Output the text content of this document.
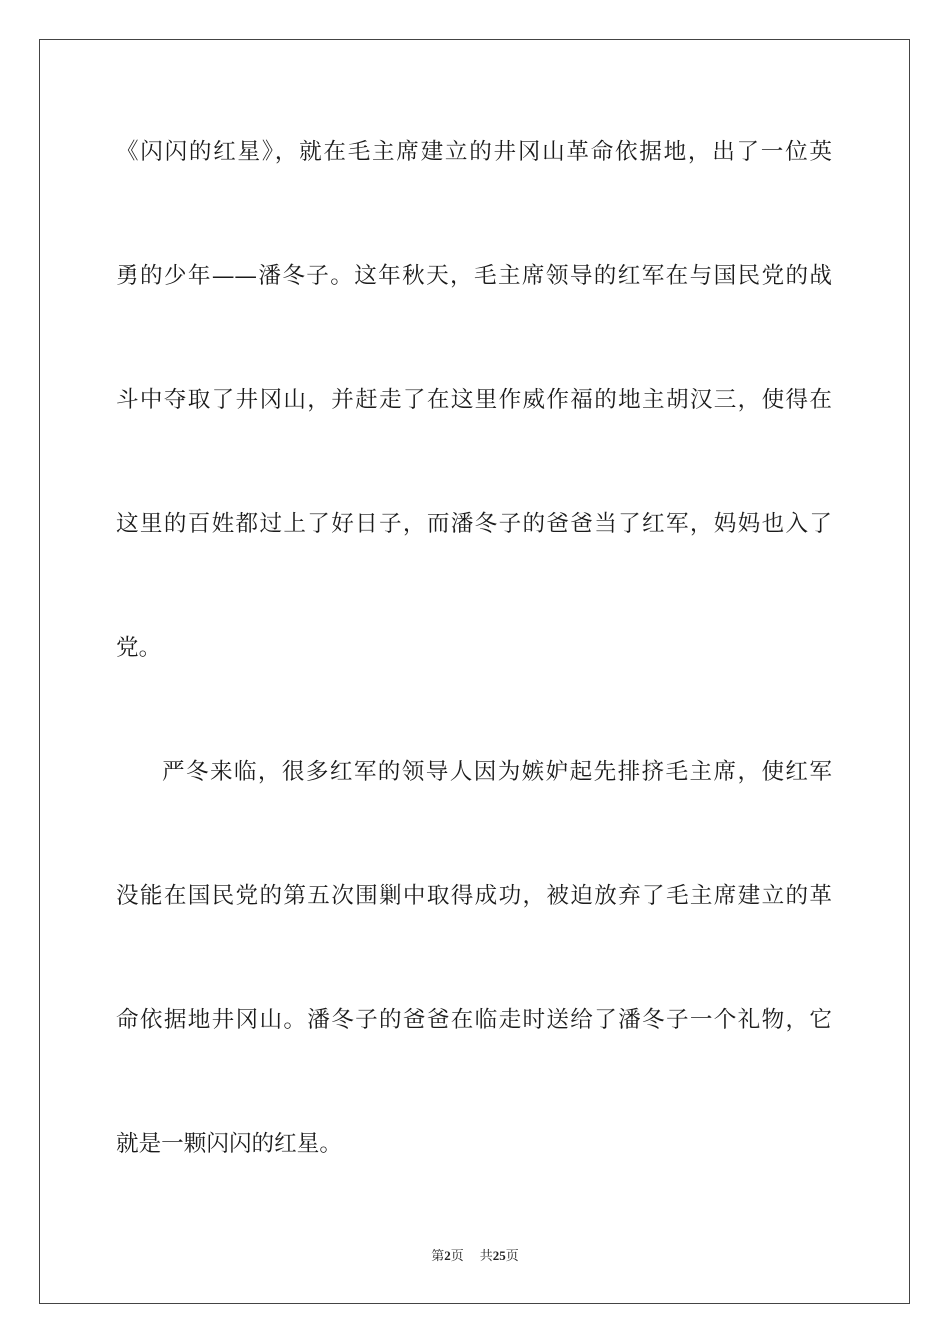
《闪闪的红星》，就在毛主席建立的井冈山革命依据地，出了一位英
勇的少年——潘冬子。这年秋天，毛主席领导的红军在与国民党的战
斗中夺取了井冈山，并赶走了在这里作威作福的地主胡汉三，使得在
这里的百姓都过上了好日子，而潘冬子的爸爸当了红军，妈妈也入了
党。
严冬来临，很多红军的领导人因为嫉妒起先排挤毛主席，使红军
没能在国民党的第五次围剿中取得成功，被迫放弃了毛主席建立的革
命依据地井冈山。潘冬子的爸爸在临走时送给了潘冬子一个礼物，它
就是一颗闪闪的红星。
第2页 共25页
